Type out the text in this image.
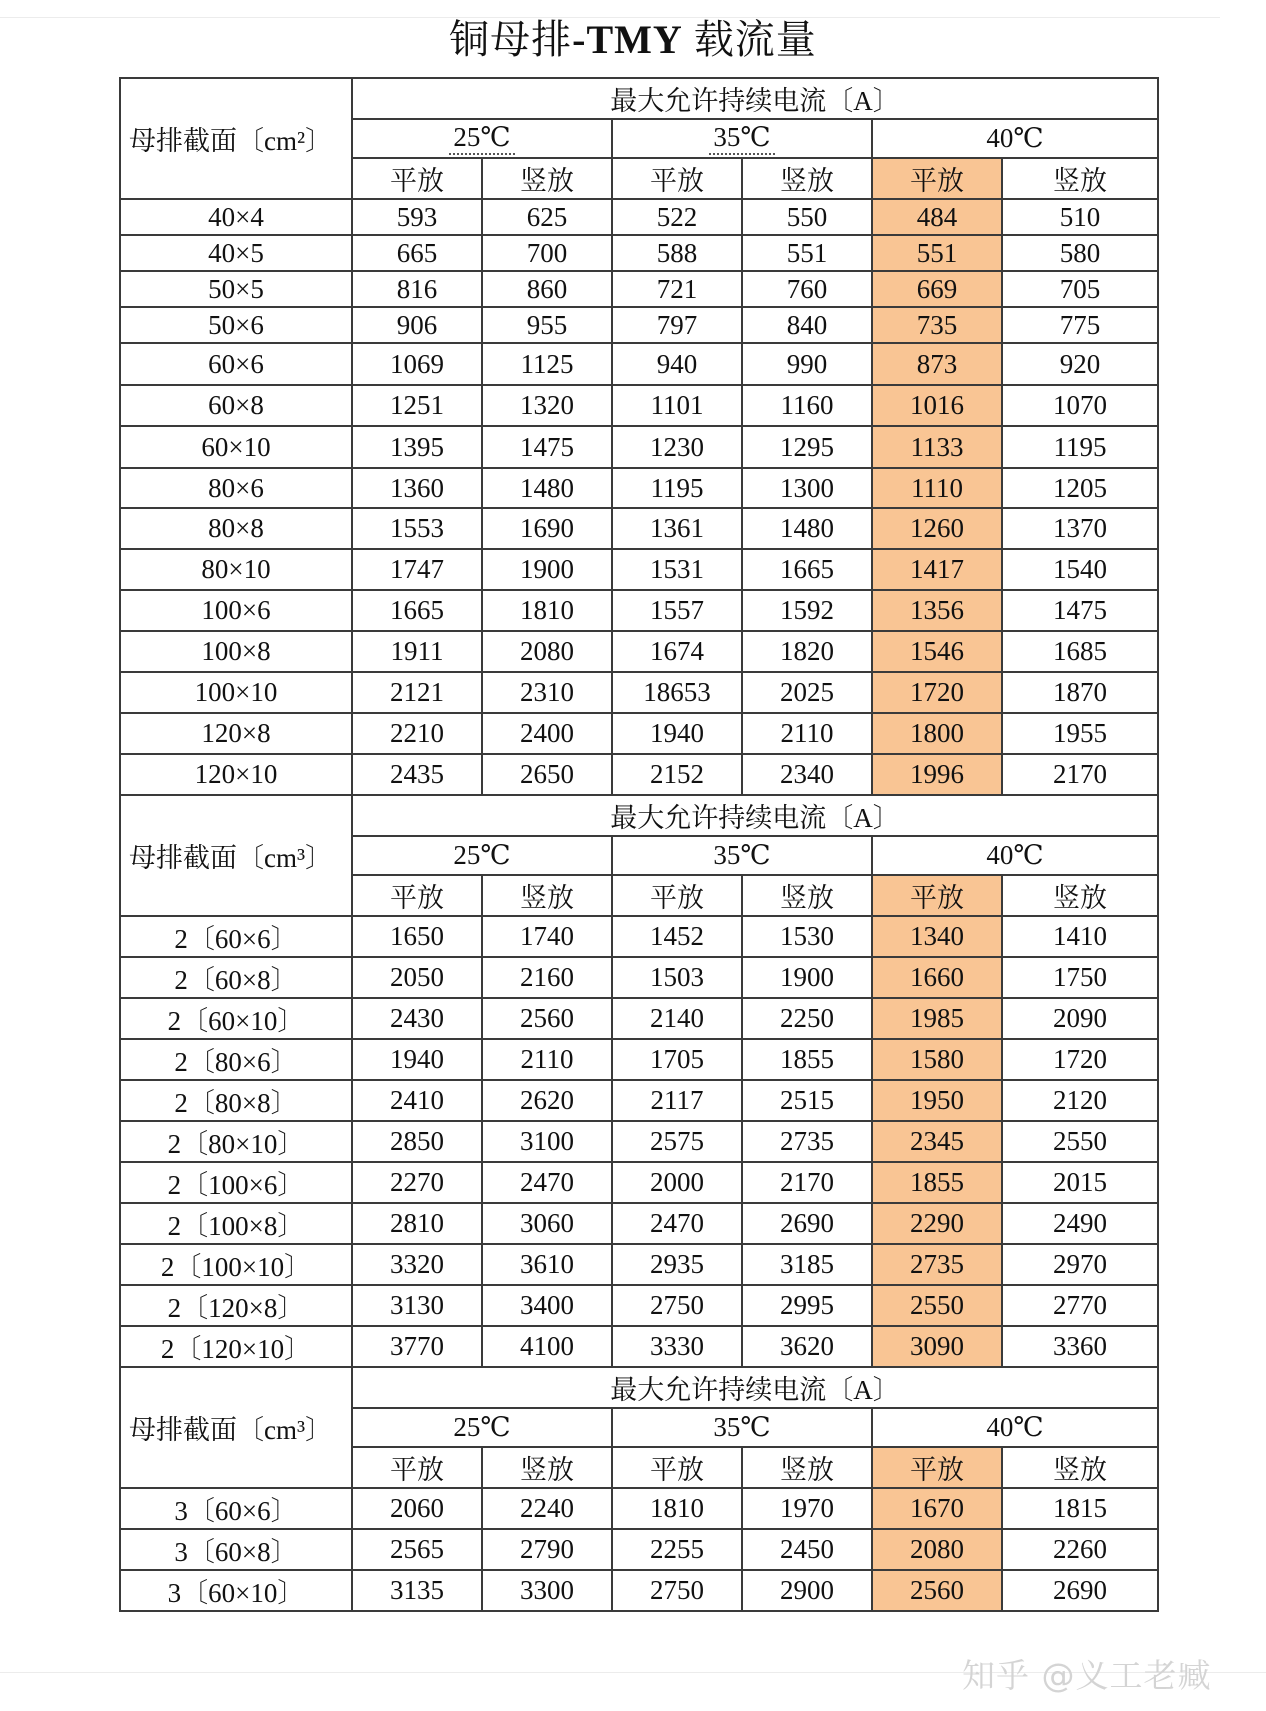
铜母排-TMY 载流量
母排截面〔cm²〕	最大允许持续电流〔A〕					
	25℃		35℃		40℃	
	平放	竖放	平放	竖放	平放	竖放
40×4	593	625	522	550	484	510
40×5	665	700	588	551	551	580
50×5	816	860	721	760	669	705
50×6	906	955	797	840	735	775
60×6	1069	1125	940	990	873	920
60×8	1251	1320	1101	1160	1016	1070
60×10	1395	1475	1230	1295	1133	1195
80×6	1360	1480	1195	1300	1110	1205
80×8	1553	1690	1361	1480	1260	1370
80×10	1747	1900	1531	1665	1417	1540
100×6	1665	1810	1557	1592	1356	1475
100×8	1911	2080	1674	1820	1546	1685
100×10	2121	2310	18653	2025	1720	1870
120×8	2210	2400	1940	2110	1800	1955
120×10	2435	2650	2152	2340	1996	2170
母排截面〔cm³〕	最大允许持续电流〔A〕					
	25℃		35℃		40℃	
	平放	竖放	平放	竖放	平放	竖放
2〔60×6〕	1650	1740	1452	1530	1340	1410
2〔60×8〕	2050	2160	1503	1900	1660	1750
2〔60×10〕	2430	2560	2140	2250	1985	2090
2〔80×6〕	1940	2110	1705	1855	1580	1720
2〔80×8〕	2410	2620	2117	2515	1950	2120
2〔80×10〕	2850	3100	2575	2735	2345	2550
2〔100×6〕	2270	2470	2000	2170	1855	2015
2〔100×8〕	2810	3060	2470	2690	2290	2490
2〔100×10〕	3320	3610	2935	3185	2735	2970
2〔120×8〕	3130	3400	2750	2995	2550	2770
2〔120×10〕	3770	4100	3330	3620	3090	3360
母排截面〔cm³〕	最大允许持续电流〔A〕					
	25℃		35℃		40℃	
	平放	竖放	平放	竖放	平放	竖放
3〔60×6〕	2060	2240	1810	1970	1670	1815
3〔60×8〕	2565	2790	2255	2450	2080	2260
3〔60×10〕	3135	3300	2750	2900	2560	2690
知乎 @义工老臧
